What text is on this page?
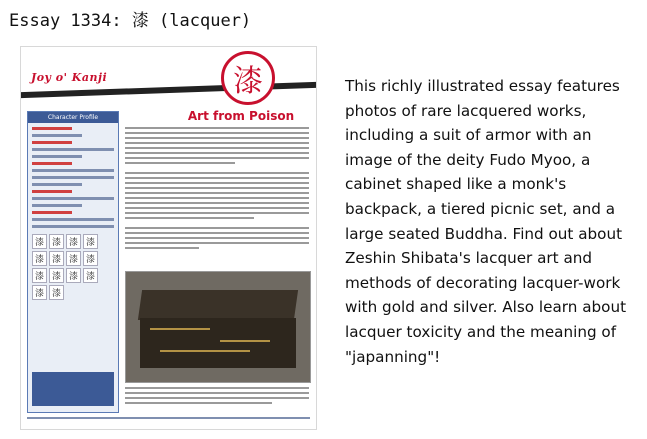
Essay 1334: 漆 (lacquer)
Joy o' Kanji	漆
Art from Poison
Character Profile
漆 漆 漆 漆
漆 漆 漆 漆
漆 漆 漆 漆
漆 漆

This richly illustrated essay features photos of rare lacquered works, including a suit of armor with an image of the deity Fudo Myoo, a cabinet shaped like a monk's backpack, a tiered picnic set, and a large seated Buddha. Find out about Zeshin Shibata's lacquer art and methods of decorating lacquer-work with gold and silver. Also learn about lacquer toxicity and the meaning of "japanning"!
